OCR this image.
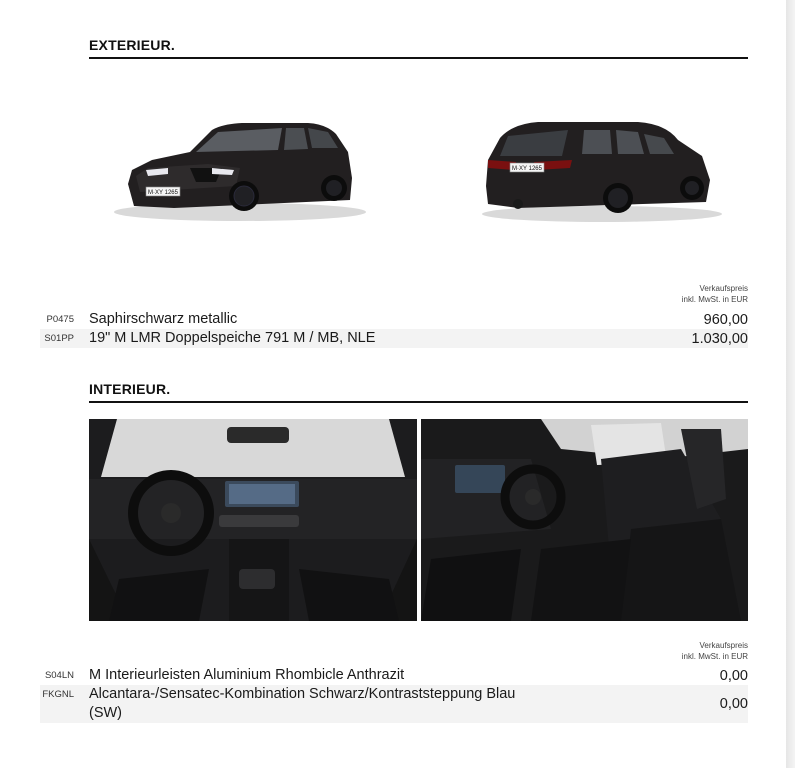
EXTERIEUR.
M·XY 1265
M·XY 1265
Verkaufspreis
inkl. MwSt. in EUR
P0475 Saphirschwarz metallic	960,00
S01PP 19" M LMR Doppelspeiche 791 M / MB, NLE	1.030,00
INTERIEUR.
Verkaufspreis
inkl. MwSt. in EUR
S04LN M Interieurleisten Aluminium Rhombicle Anthrazit	0,00
FKGNL Alcantara-/Sensatec-Kombination Schwarz/Kontraststeppung Blau (SW)
0,00
